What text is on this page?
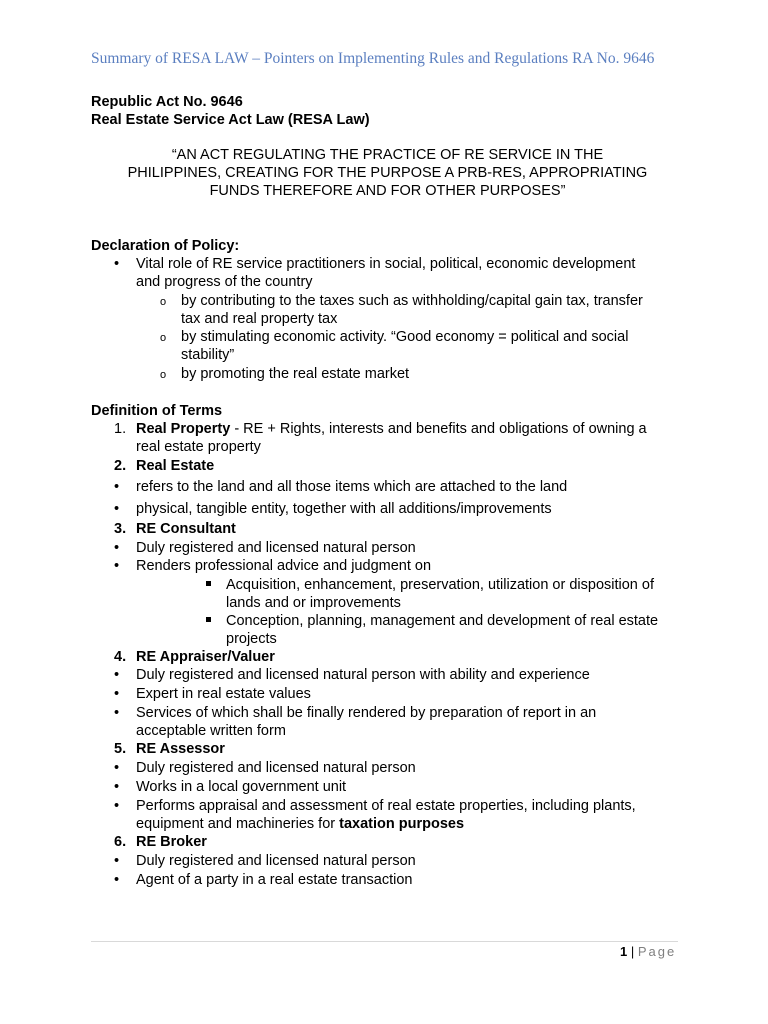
Summary of RESA LAW – Pointers on Implementing Rules and Regulations RA No. 9646
Republic Act No. 9646
Real Estate Service Act Law (RESA Law)
“AN ACT REGULATING THE PRACTICE OF RE SERVICE IN THE
PHILIPPINES, CREATING FOR THE PURPOSE A PRB-RES, APPROPRIATING
FUNDS THEREFORE AND FOR OTHER PURPOSES”
Declaration of Policy:
• Vital role of RE service practitioners in social, political, economic development
and progress of the country
o by contributing to the taxes such as withholding/capital gain tax, transfer
tax and real property tax
o by stimulating economic activity. “Good economy = political and social
stability”
o by promoting the real estate market
Definition of Terms
1. Real Property - RE + Rights, interests and benefits and obligations of owning a
real estate property
2. Real Estate
• refers to the land and all those items which are attached to the land
• physical, tangible entity, together with all additions/improvements
3. RE Consultant
• Duly registered and licensed natural person
• Renders professional advice and judgment on
Acquisition, enhancement, preservation, utilization or disposition of
lands and or improvements
Conception, planning, management and development of real estate
projects
4. RE Appraiser/Valuer
• Duly registered and licensed natural person with ability and experience
• Expert in real estate values
• Services of which shall be finally rendered by preparation of report in an
acceptable written form
5. RE Assessor
• Duly registered and licensed natural person
• Works in a local government unit
• Performs appraisal and assessment of real estate properties, including plants,
equipment and machineries for taxation purposes
6. RE Broker
• Duly registered and licensed natural person
• Agent of a party in a real estate transaction
1 | Page
